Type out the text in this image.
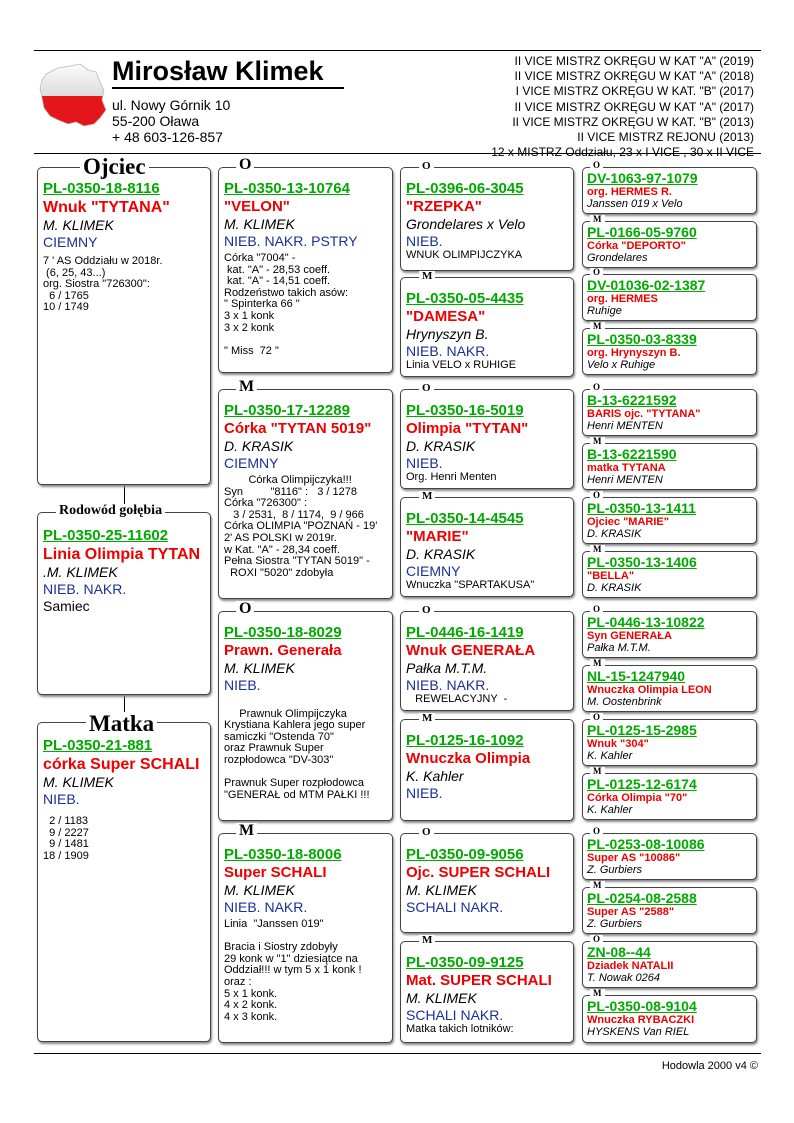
Mirosław Klimek
ul. Nowy Górnik 10
55-200 Oława
+ 48 603-126-857
II VICE MISTRZ OKRĘGU W KAT "A" (2019)
II VICE MISTRZ OKRĘGU W KAT "A" (2018)
I VICE MISTRZ OKRĘGU W KAT. "B" (2017)
II VICE MISTRZ OKRĘGU W KAT "A" (2017)
II VICE MISTRZ OKRĘGU W KAT. "B" (2013)
II VICE MISTRZ REJONU (2013)
12 x MISTRZ Oddziału, 23 x I VICE , 30 x II VICE
PL-0350-18-8116
Wnuk "TYTANA"
M. KLIMEK
CIEMNY
7 ' AS Oddziału w 2018r.
(6, 25, 43...)
org. Siostra "726300":
6 / 1765
10 / 1749
Ojciec
PL-0350-25-11602
Linia Olimpia TYTAN
.M. KLIMEK
NIEB. NAKR.
Samiec
Rodowód gołębia
PL-0350-21-881
córka Super SCHALI
M. KLIMEK
NIEB.
2 / 1183
9 / 2227
9 / 1481
18 / 1909
Matka
PL-0350-13-10764
"VELON"
M. KLIMEK
NIEB. NAKR. PSTRY
Córka "7004" -
kat. "A" - 28,53 coeff.
kat. "A" - 14,51 coeff.
Rodzeństwo takich asów:
" Spinterka 66 "
3 x 1 konk
3 x 2 konk

" Miss  72 "
O
PL-0350-17-12289
Córka "TYTAN 5019"
D. KRASIK
CIEMNY
Córka Olimpijczyka!!!
Syn         "8116" :   3 / 1278
Córka "726300" :
3 / 2531,  8 / 1174,  9 / 966
Córka OLIMPIA "POZNAŃ - 19'
2' AS POLSKI w 2019r.
w Kat. "A" - 28,34 coeff.
Pełna Siostra "TYTAN 5019" -
ROXI "5020" zdobyła
M
PL-0350-18-8029
Prawn. Generała
M. KLIMEK
NIEB.

Prawnuk Olimpijczyka
Krystiana Kahlera jego super
samiczki "Ostenda 70"
oraz Prawnuk Super
rozpłodowca "DV-303"

Prawnuk Super rozpłodowca
"GENERAŁ od MTM PAŁKI !!!
O
PL-0350-18-8006
Super SCHALI
M. KLIMEK
NIEB. NAKR.
Linia  "Janssen 019"

Bracia i Siostry zdobyły
29 konk w "1" dziesiątce na
Oddział!!! w tym 5 x 1 konk !
oraz :
5 x 1 konk.
4 x 2 konk.
4 x 3 konk.
M
PL-0396-06-3045
"RZEPKA"
Grondelares x Velo
NIEB.
WNUK OLIMPIJCZYKA
O
PL-0350-05-4435
"DAMESA"
Hrynyszyn B.
NIEB. NAKR.
Linia VELO x RUHIGE
M
PL-0350-16-5019
Olimpia "TYTAN"
D. KRASIK
NIEB.
Org. Henri Menten
O
PL-0350-14-4545
"MARIE"
D. KRASIK
CIEMNY
Wnuczka "SPARTAKUSA"
M
PL-0446-16-1419
Wnuk GENERAŁA
Pałka M.T.M.
NIEB. NAKR.
REWELACYJNY  -
O
PL-0125-16-1092
Wnuczka Olimpia
K. Kahler
NIEB.
M
PL-0350-09-9056
Ojc. SUPER SCHALI
M. KLIMEK
SCHALI NAKR.
O
PL-0350-09-9125
Mat. SUPER SCHALI
M. KLIMEK
SCHALI NAKR.
Matka takich lotników:
M
DV-1063-97-1079
org. HERMES R.
Janssen 019 x Velo
O
PL-0166-05-9760
Córka "DEPORTO"
Grondelares
M
DV-01036-02-1387
org. HERMES
Ruhige
O
PL-0350-03-8339
org. Hrynyszyn B.
Velo x Ruhige
M
B-13-6221592
BARIS ojc. "TYTANA"
Henri MENTEN
O
B-13-6221590
matka TYTANA
Henri MENTEN
M
PL-0350-13-1411
Ojciec "MARIE"
D. KRASIK
O
PL-0350-13-1406
"BELLA"
D. KRASIK
M
PL-0446-13-10822
Syn GENERAŁA
Pałka M.T.M.
O
NL-15-1247940
Wnuczka Olimpia LEON
M. Oostenbrink
M
PL-0125-15-2985
Wnuk "304"
K. Kahler
O
PL-0125-12-6174
Córka Olimpia "70"
K. Kahler
M
PL-0253-08-10086
Super AS "10086"
Z. Gurbiers
O
PL-0254-08-2588
Super AS "2588"
Z. Gurbiers
M
ZN-08--44
Dziadek NATALII
T. Nowak 0264
O
PL-0350-08-9104
Wnuczka RYBACZKI
HYSKENS Van RIEL
M
Hodowla 2000 v4 ©
